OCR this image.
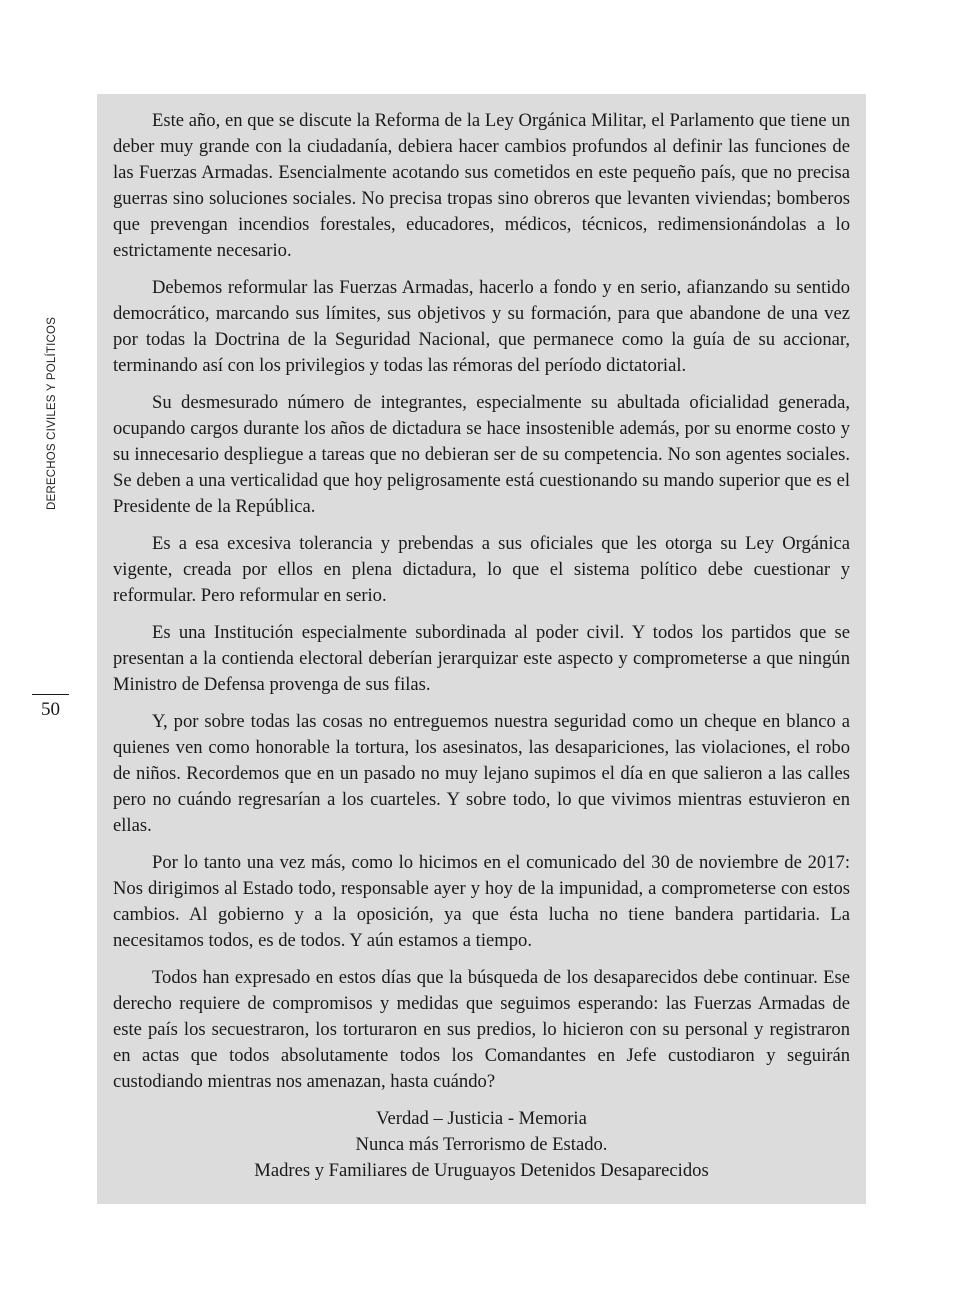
DERECHOS CIVILES Y POLÍTICOS
50

Este año, en que se discute la Reforma de la Ley Orgánica Militar, el Parlamento que tiene un deber muy grande con la ciudadanía, debiera hacer cambios profundos al definir las funciones de las Fuerzas Armadas. Esencialmente acotando sus cometidos en este pequeño país, que no precisa guerras sino soluciones sociales. No precisa tropas sino obreros que levanten viviendas; bomberos que prevengan incendios forestales, educadores, médicos, técnicos, redimensionándolas a lo estrictamente necesario.

Debemos reformular las Fuerzas Armadas, hacerlo a fondo y en serio, afianzando su sentido democrático, marcando sus límites, sus objetivos y su formación, para que abandone de una vez por todas la Doctrina de la Seguridad Nacional, que permanece como la guía de su accionar, terminando así con los privilegios y todas las rémoras del período dictatorial.

Su desmesurado número de integrantes, especialmente su abultada oficialidad generada, ocupando cargos durante los años de dictadura se hace insostenible además, por su enorme costo y su innecesario despliegue a tareas que no debieran ser de su competencia. No son agentes sociales. Se deben a una verticalidad que hoy peligrosamente está cuestionando su mando superior que es el Presidente de la República.

Es a esa excesiva tolerancia y prebendas a sus oficiales que les otorga su Ley Orgánica vigente, creada por ellos en plena dictadura, lo que el sistema político debe cuestionar y reformular. Pero reformular en serio.

Es una Institución especialmente subordinada al poder civil. Y todos los partidos que se presentan a la contienda electoral deberían jerarquizar este aspecto y comprometerse a que ningún Ministro de Defensa provenga de sus filas.

Y, por sobre todas las cosas no entreguemos nuestra seguridad como un cheque en blanco a quienes ven como honorable la tortura, los asesinatos, las desapariciones, las violaciones, el robo de niños. Recordemos que en un pasado no muy lejano supimos el día en que salieron a las calles pero no cuándo regresarían a los cuarteles. Y sobre todo, lo que vivimos mientras estuvieron en ellas.

Por lo tanto una vez más, como lo hicimos en el comunicado del 30 de noviembre de 2017: Nos dirigimos al Estado todo, responsable ayer y hoy de la impunidad, a comprometerse con estos cambios. Al gobierno y a la oposición, ya que ésta lucha no tiene bandera partidaria. La necesitamos todos, es de todos. Y aún estamos a tiempo.

Todos han expresado en estos días que la búsqueda de los desaparecidos debe continuar. Ese derecho requiere de compromisos y medidas que seguimos esperando: las Fuerzas Armadas de este país los secuestraron, los torturaron en sus predios, lo hicieron con su personal y registraron en actas que todos absolutamente todos los Comandantes en Jefe custodiaron y seguirán custodiando mientras nos amenazan, hasta cuándo?

Verdad – Justicia - Memoria
Nunca más Terrorismo de Estado.
Madres y Familiares de Uruguayos Detenidos Desaparecidos
